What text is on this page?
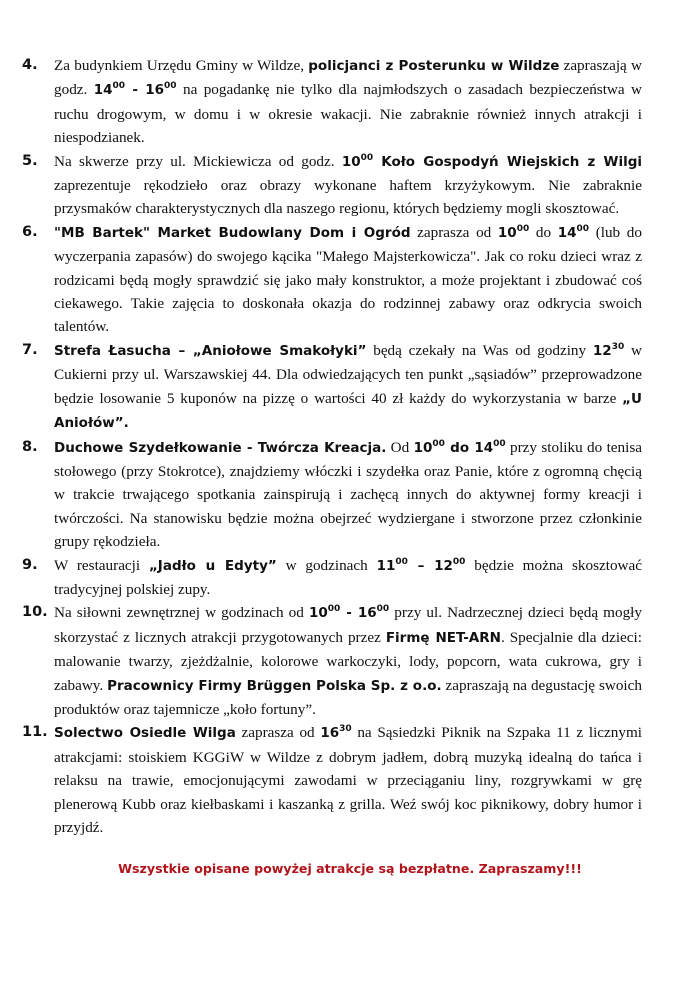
4.	Za budynkiem Urzędu Gminy w Wildze, policjanci z Posterunku w Wildze zapraszają w godz. $14^{00} - 16^{00}$ na pogadankę nie tylko dla najmłodszych o zasadach bezpieczeństwa w ruchu drogowym, w domu i w okresie wakacji. Nie zabraknie również innych atrakcji i niespodzianek.
5.	Na skwerze przy ul. Mickiewicza od godz. $10^{00}$ Koło Gospodyń Wiejskich z Wilgi zaprezentuje rękodzieło oraz obrazy wykonane haftem krzyżykowym. Nie zabraknie przysmaków charakterystycznych dla naszego regionu, których będziemy mogli skosztować.
6.	"MB Bartek" Market Budowlany Dom i Ogród zaprasza od $10^{00}$ do $14^{00}$ (lub do wyczerpania zapasów) do swojego kącika "Małego Majsterkowicza". Jak co roku dzieci wraz z rodzicami będą mogły sprawdzić się jako mały konstruktor, a może projektant i zbudować coś ciekawego. Takie zajęcia to doskonała okazja do rodzinnej zabawy oraz odkrycia swoich talentów.
7.	Strefa Łasucha – „Aniołowe Smakołyki” będą czekały na Was od godziny $12^{30}$ w Cukierni przy ul. Warszawskiej 44. Dla odwiedzających ten punkt „sąsiadów” przeprowadzone będzie losowanie 5 kuponów na pizzę o wartości 40 zł każdy do wykorzystania w barze „U Aniołów”.
8.	Duchowe Szydełkowanie - Twórcza Kreacja. Od $10^{00}$ do $14^{00}$ przy stoliku do tenisa stołowego (przy Stokrotce), znajdziemy włóczki i szydełka oraz Panie, które z ogromną chęcią w trakcie trwającego spotkania zainspirują i zachęcą innych do aktywnej formy kreacji i twórczości. Na stanowisku będzie można obejrzeć wydziergane i stworzone przez członkinie grupy rękodzieła.
9.	W restauracji „Jadło u Edyty” w godzinach $11^{00} - 12^{00}$ będzie można skosztować tradycyjnej polskiej zupy.
10. Na siłowni zewnętrznej w godzinach od $10^{00} - 16^{00}$ przy ul. Nadrzecznej dzieci będą mogły skorzystać z licznych atrakcji przygotowanych przez Firmę NET-ARN. Specjalnie dla dzieci: malowanie twarzy, zjeżdżalnie, kolorowe warkoczyki, lody, popcorn, wata cukrowa, gry i zabawy. Pracownicy Firmy Brüggen Polska Sp. z o.o. zapraszają na degustację swoich produktów oraz tajemnicze „koło fortuny”.
11. Solectwo Osiedle Wilga zaprasza od $16^{30}$ na Sąsiedzki Piknik na Szpaka 11 z licznymi atrakcjami: stoiskiem KGGiW w Wildze z dobrym jadłem, dobrą muzyką idealną do tańca i relaksu na trawie, emocjonującymi zawodami w przeciąganiu liny, rozgrywkami w grę plenerową Kubb oraz kiełbaskami i kaszanką z grilla. Weź swój koc piknikowy, dobry humor i przyjdź.
Wszystkie opisane powyżej atrakcje są bezpłatne. Zapraszamy!!!
